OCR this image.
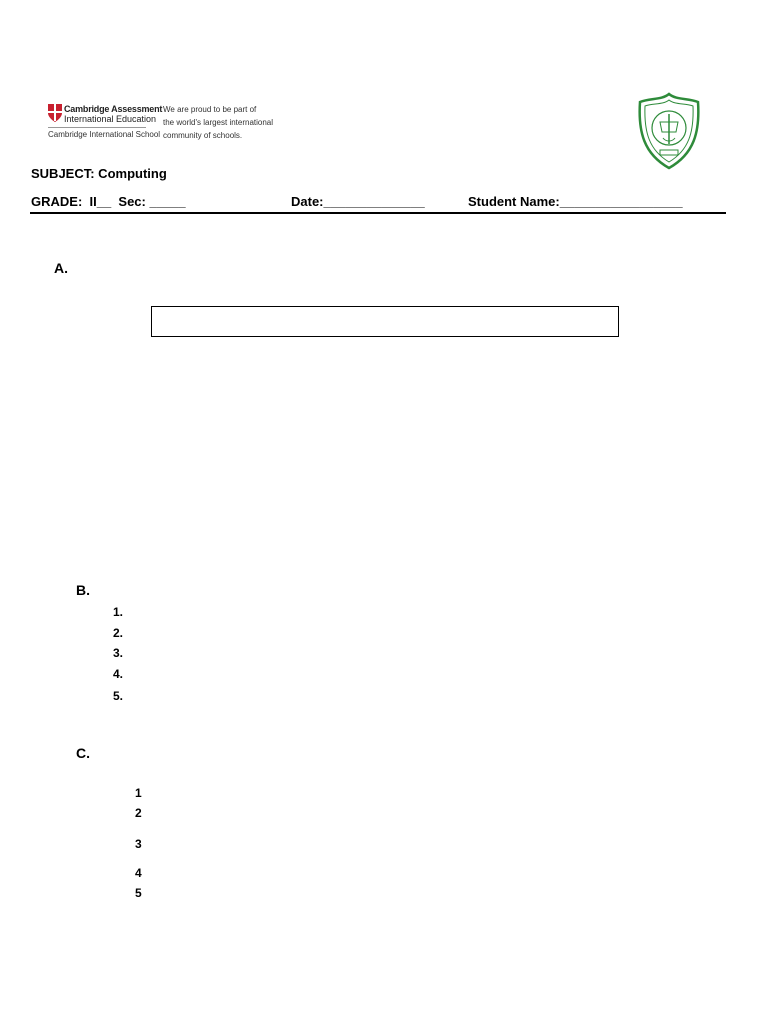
Cambridge Assessment
International Education
Cambridge International School
We are proud to be part of
the world's largest international
community of schools.
SUBJECT: Computing
GRADE:  II__  Sec: _____	Date:______________	Student Name:_________________
A.
B.
1.
2.
3.
4.
5.
C.
1
2
3
4
5
